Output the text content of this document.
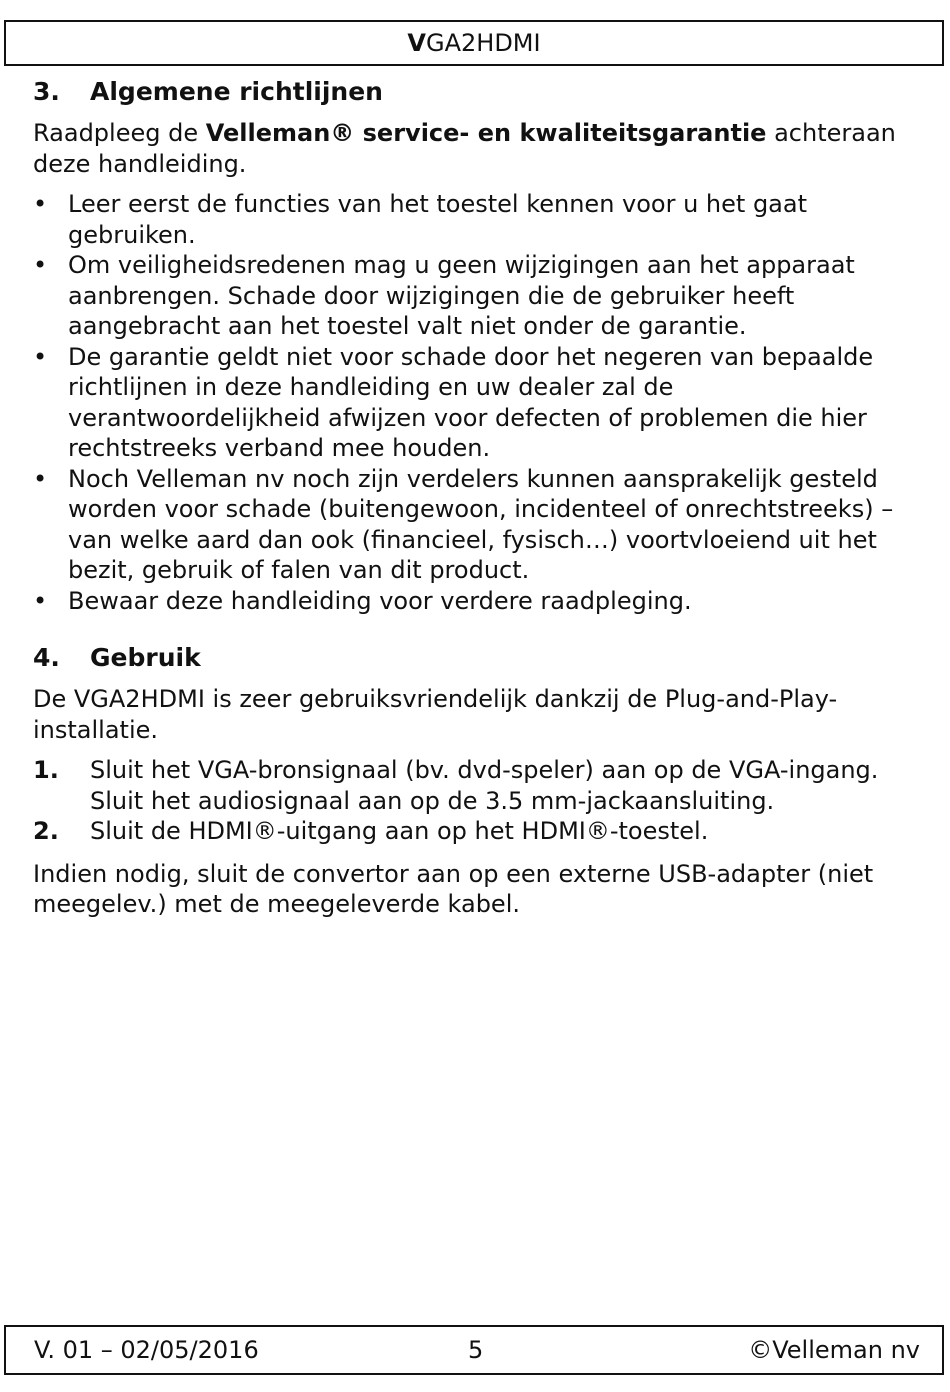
VGA2HDMI
3.	Algemene richtlijnen

Raadpleeg de Velleman® service- en kwaliteitsgarantie achteraan deze handleiding.

• Leer eerst de functies van het toestel kennen voor u het gaat gebruiken.
• Om veiligheidsredenen mag u geen wijzigingen aan het apparaat aanbrengen. Schade door wijzigingen die de gebruiker heeft aangebracht aan het toestel valt niet onder de garantie.
• De garantie geldt niet voor schade door het negeren van bepaalde richtlijnen in deze handleiding en uw dealer zal de verantwoordelijkheid afwijzen voor defecten of problemen die hier rechtstreeks verband mee houden.
• Noch Velleman nv noch zijn verdelers kunnen aansprakelijk gesteld worden voor schade (buitengewoon, incidenteel of onrechtstreeks) – van welke aard dan ook (financieel, fysisch…) voortvloeiend uit het bezit, gebruik of falen van dit product.
• Bewaar deze handleiding voor verdere raadpleging.
4.	Gebruik

De VGA2HDMI is zeer gebruiksvriendelijk dankzij de Plug-and-Play-installatie.

1. Sluit het VGA-bronsignaal (bv. dvd-speler) aan op de VGA-ingang. Sluit het audiosignaal aan op de 3.5 mm-jackaansluiting.
2. Sluit de HDMI®-uitgang aan op het HDMI®-toestel.

Indien nodig, sluit de convertor aan op een externe USB-adapter (niet meegelev.) met de meegeleverde kabel.

V. 01 – 02/05/2016	5	©Velleman nv
